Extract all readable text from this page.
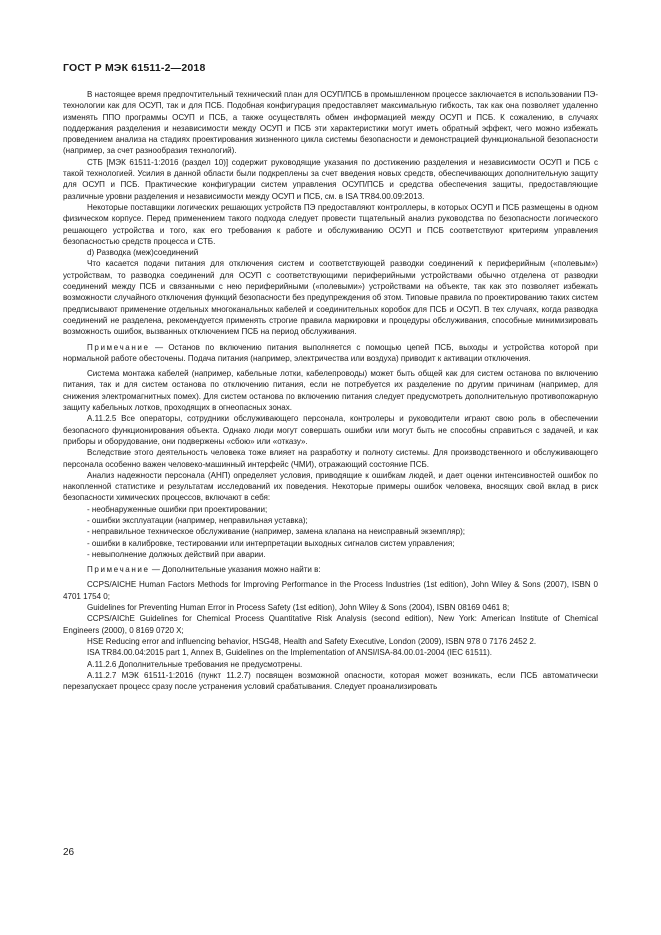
ГОСТ Р МЭК 61511-2—2018

В настоящее время предпочтительный технический план для ОСУП/ПСБ в промышленном процессе заключается в использовании ПЭ-технологии как для ОСУП, так и для ПСБ. Подобная конфигурация предоставляет максимальную гибкость, так как она позволяет удаленно изменять ППО программы ОСУП и ПСБ, а также осуществлять обмен информацией между ОСУП и ПСБ. К сожалению, в случаях поддержания разделения и независимости между ОСУП и ПСБ эти характеристики могут иметь обратный эффект, чего можно избежать проведением анализа на стадиях проектирования жизненного цикла системы безопасности и демонстрацией функциональной безопасности (например, за счет разнообразия технологий).

СТБ [МЭК 61511-1:2016 (раздел 10)] содержит руководящие указания по достижению разделения и независимости ОСУП и ПСБ с такой технологией. Усилия в данной области были подкреплены за счет введения новых средств, обеспечивающих дополнительную защиту для ОСУП и ПСБ. Практические конфигурации систем управления ОСУП/ПСБ и средства обеспечения защиты, предоставляющие различные уровни разделения и независимости между ОСУП и ПСБ, см. в ISA TR84.00.09:2013.

Некоторые поставщики логических решающих устройств ПЭ предоставляют контроллеры, в которых ОСУП и ПСБ размещены в одном физическом корпусе. Перед применением такого подхода следует провести тщательный анализ руководства по безопасности логического решающего устройства и того, как его требования к работе и обслуживанию ОСУП и ПСБ соответствуют критериям управления безопасностью средств процесса и СТБ.

d) Разводка (меж)соединений

Что касается подачи питания для отключения систем и соответствующей разводки соединений к периферийным («полевым») устройствам, то разводка соединений для ОСУП с соответствующими периферийными устройствами обычно отделена от разводки соединений между ПСБ и связанными с нею периферийными («полевыми») устройствами на объекте, так как это позволяет избежать возможности случайного отключения функций безопасности без предупреждения об этом. Типовые правила по проектированию таких систем предписывают применение отдельных многоканальных кабелей и соединительных коробок для ПСБ и ОСУП. В тех случаях, когда разводка соединений не разделена, рекомендуется применять строгие правила маркировки и процедуры обслуживания, способные минимизировать возможность ошибок, вызванных отключением ПСБ на период обслуживания.

Примечание — Останов по включению питания выполняется с помощью цепей ПСБ, выходы и устройства которой при нормальной работе обесточены. Подача питания (например, электричества или воздуха) приводит к активации отключения.

Система монтажа кабелей (например, кабельные лотки, кабелепроводы) может быть общей как для систем останова по включению питания, так и для систем останова по отключению питания, если не потребуется их разделение по другим причинам (например, для снижения электромагнитных помех). Для систем останова по включению питания следует предусмотреть дополнительную противопожарную защиту кабельных лотков, проходящих в огнеопасных зонах.

А.11.2.5 Все операторы, сотрудники обслуживающего персонала, контролеры и руководители играют свою роль в обеспечении безопасного функционирования объекта. Однако люди могут совершать ошибки или могут быть не способны справиться с задачей, и как приборы и оборудование, они подвержены «сбою» или «отказу».

Вследствие этого деятельность человека тоже влияет на разработку и полноту системы. Для производственного и обслуживающего персонала особенно важен человеко-машинный интерфейс (ЧМИ), отражающий состояние ПСБ.

Анализ надежности персонала (АНП) определяет условия, приводящие к ошибкам людей, и дает оценки интенсивностей ошибок по накопленной статистике и результатам исследований их поведения. Некоторые примеры ошибок человека, вносящих свой вклад в риск безопасности химических процессов, включают в себя:

- необнаруженные ошибки при проектировании;
- ошибки эксплуатации (например, неправильная уставка);
- неправильное техническое обслуживание (например, замена клапана на неисправный экземпляр);
- ошибки в калибровке, тестировании или интерпретации выходных сигналов систем управления;
- невыполнение должных действий при аварии.

Примечание — Дополнительные указания можно найти в:

CCPS/AICHE Human Factors Methods for Improving Performance in the Process Industries (1st edition), John Wiley & Sons (2007), ISBN 0 4701 1754 0;

Guidelines for Preventing Human Error in Process Safety (1st edition), John Wiley & Sons (2004), ISBN 08169 0461 8;

CCPS/AIChE Guidelines for Chemical Process Quantitative Risk Analysis (second edition), New York: American Institute of Chemical Engineers (2000), 0 8169 0720 X;

HSE Reducing error and influencing behavior, HSG48, Health and Safety Executive, London (2009), ISBN 978 0 7176 2452 2.

ISA TR84.00.04:2015 part 1, Annex B, Guidelines on the Implementation of ANSI/ISA-84.00.01-2004 (IEC 61511).

А.11.2.6 Дополнительные требования не предусмотрены.

А.11.2.7 МЭК 61511-1:2016 (пункт 11.2.7) посвящен возможной опасности, которая может возникать, если ПСБ автоматически перезапускает процесс сразу после устранения условий срабатывания. Следует проанализировать

26
